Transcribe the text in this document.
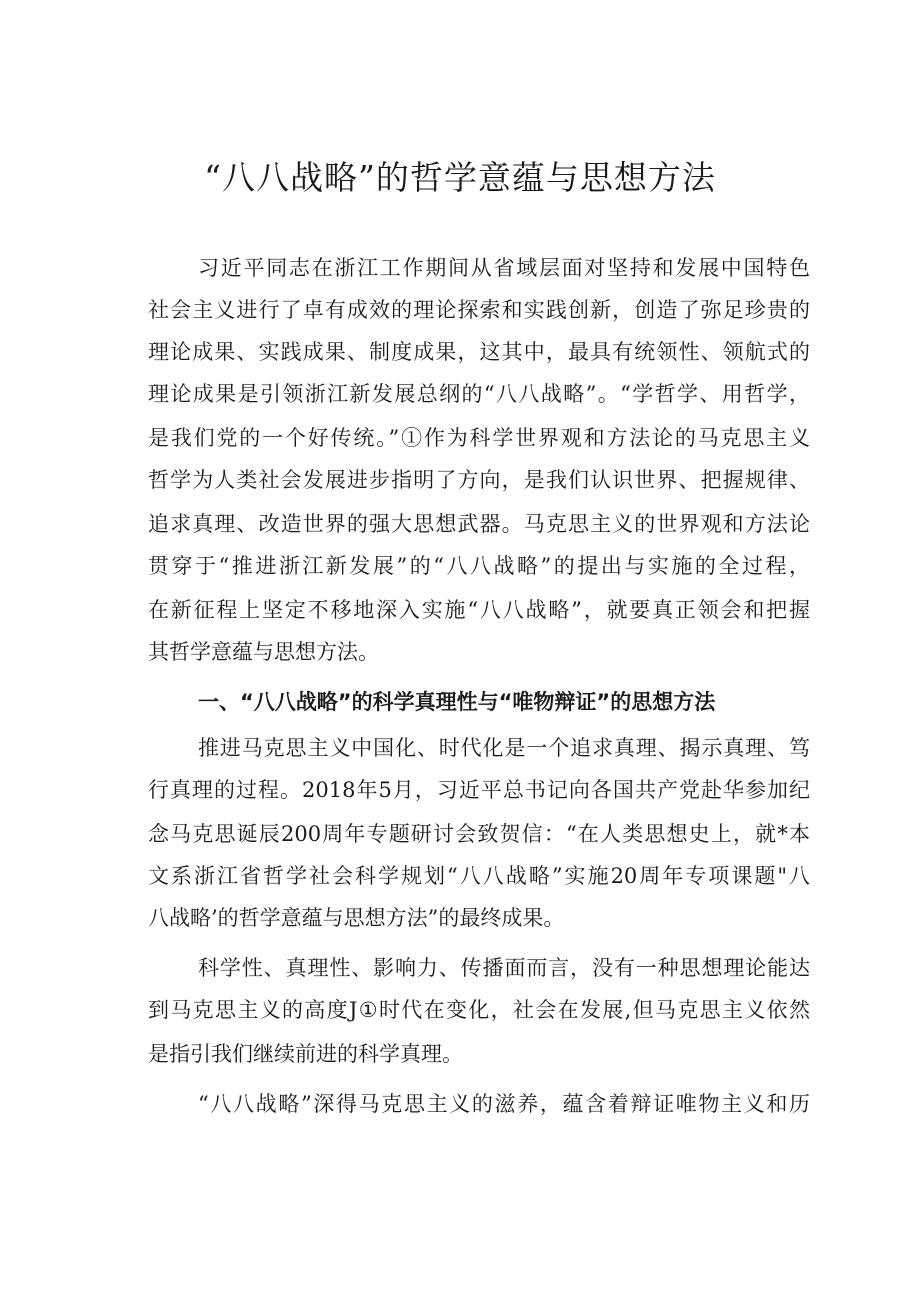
“八八战略”的哲学意蕴与思想方法

习近平同志在浙江工作期间从省域层面对坚持和发展中国特色

社会主义进行了卓有成效的理论探索和实践创新，创造了弥足珍贵的

理论成果、实践成果、制度成果，这其中，最具有统领性、领航式的

理论成果是引领浙江新发展总纲的“八八战略”。“学哲学、用哲学，

是我们党的一个好传统。”①作为科学世界观和方法论的马克思主义

哲学为人类社会发展进步指明了方向，是我们认识世界、把握规律、

追求真理、改造世界的强大思想武器。马克思主义的世界观和方法论

贯穿于“推进浙江新发展”的“八八战略”的提出与实施的全过程，

在新征程上坚定不移地深入实施“八八战略”，就要真正领会和把握

其哲学意蕴与思想方法。

一、“八八战略”的科学真理性与“唯物辩证”的思想方法

推进马克思主义中国化、时代化是一个追求真理、揭示真理、笃

行真理的过程。2018年5月，习近平总书记向各国共产党赴华参加纪

念马克思诞辰200周年专题研讨会致贺信：“在人类思想史上，就*本

文系浙江省哲学社会科学规划“八八战略”实施20周年专项课题"八

八战略’的哲学意蕴与思想方法”的最终成果。

科学性、真理性、影响力、传播面而言，没有一种思想理论能达

到马克思主义的高度J①时代在变化，社会在发展,但马克思主义依然

是指引我们继续前进的科学真理。

“八八战略”深得马克思主义的滋养，蕴含着辩证唯物主义和历
